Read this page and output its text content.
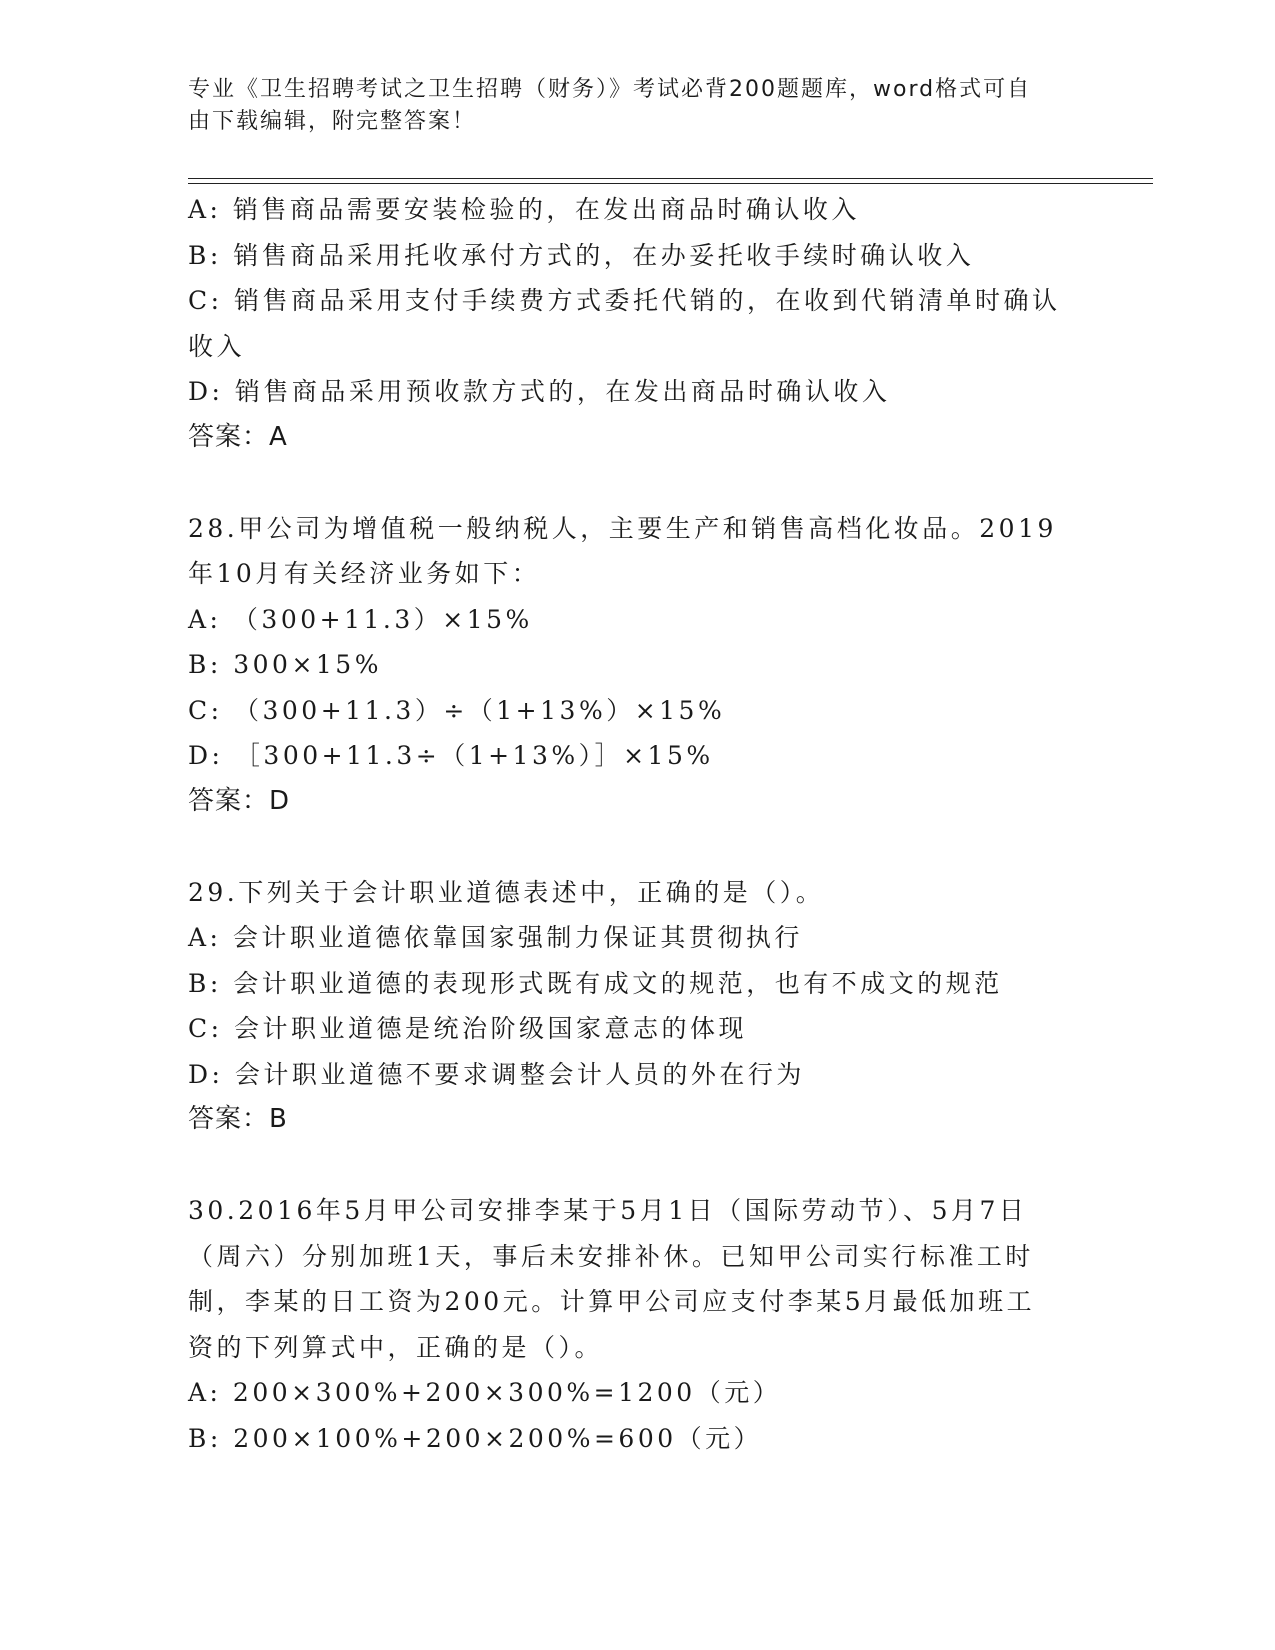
专业《卫生招聘考试之卫生招聘（财务）》考试必背200题题库，word格式可自
由下载编辑，附完整答案！
A: 销售商品需要安装检验的，在发出商品时确认收入
B: 销售商品采用托收承付方式的，在办妥托收手续时确认收入
C: 销售商品采用支付手续费方式委托代销的，在收到代销清单时确认
收入
D: 销售商品采用预收款方式的，在发出商品时确认收入
答案：A
28.甲公司为增值税一般纳税人，主要生产和销售高档化妆品。2019
年10月有关经济业务如下：
A: （300+11.3）×15%
B: 300×15%
C: （300+11.3）÷（1+13%）×15%
D: ［300+11.3÷（1+13%）］×15%
答案：D
29.下列关于会计职业道德表述中，正确的是（）。
A: 会计职业道德依靠国家强制力保证其贯彻执行
B: 会计职业道德的表现形式既有成文的规范，也有不成文的规范
C: 会计职业道德是统治阶级国家意志的体现
D: 会计职业道德不要求调整会计人员的外在行为
答案：B
30.2016年5月甲公司安排李某于5月1日（国际劳动节）、5月7日
（周六）分别加班1天，事后未安排补休。已知甲公司实行标准工时
制，李某的日工资为200元。计算甲公司应支付李某5月最低加班工
资的下列算式中，正确的是（）。
A: 200×300%+200×300%=1200（元）
B: 200×100%+200×200%=600（元）
